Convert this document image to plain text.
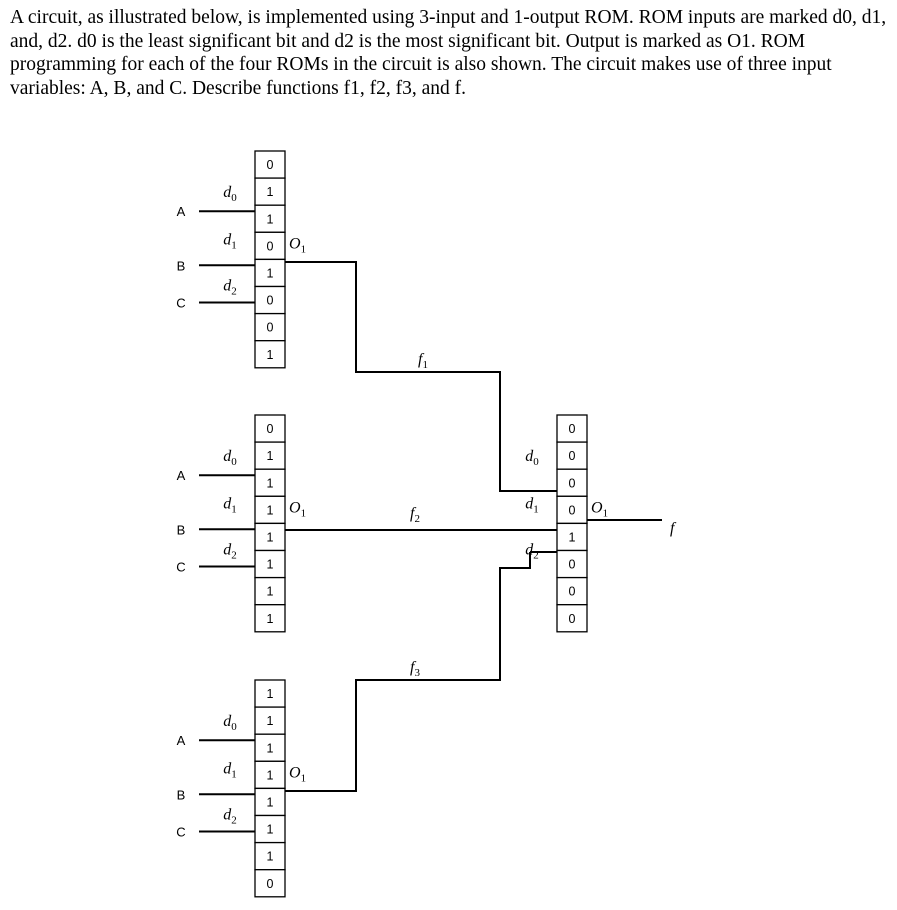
A circuit, as illustrated below, is implemented using 3-input and 1-output ROM. ROM inputs are marked d0, d1, and, d2. d0 is the least significant bit and d2 is the most significant bit. Output is marked as O1. ROM programming for each of the four ROMs in the circuit is also shown. The circuit makes use of three input variables: A, B, and C. Describe functions f1, f2, f3, and f.

0
1
1
0
1
0
0
1
$O_1$
$d_0$
$d_1$
$d_2$
0
1
1
1
1
1
1
1
$O_1$
$d_0$
$d_1$
$d_2$
1
1
1
1
1
1
1
0
$O_1$
$d_0$
$d_1$
$d_2$
0
0
0
0
1
0
0
0
$O_1$
$d_0$
$d_1$
$d_2$
A
B
C
A
B
C
A
B
C
$f_1$
$f_2$
$f_3$
f
